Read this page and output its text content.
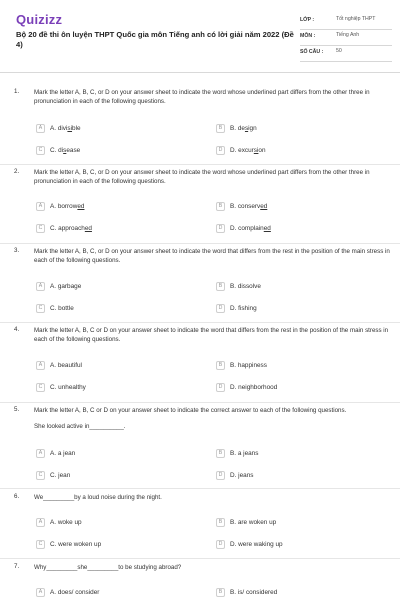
Quizizz
Bộ 20 đề thi ôn luyện THPT Quốc gia môn Tiếng anh có lời giải năm 2022 (Đề 4)
LỚP :	Tốt nghiệp THPT
MÔN :	Tiếng Anh
SỐ CÂU :	50
1. Mark the letter A, B, C, or D on your answer sheet to indicate the word whose underlined part differs from the other three in pronunciation in each of the following questions.
A	A. divisible	B	B. design
C	C. disease	D	D. excursion
2. Mark the letter A, B, C, or D on your answer sheet to indicate the word whose underlined part differs from the other three in pronunciation in each of the following questions.
A	A. borrowed	B	B. conserved
C	C. approached	D	D. complained
3. Mark the letter A, B, C, or D on your answer sheet to indicate the word that differs from the rest in the position of the main stress in each of the following questions.
A	A. garbage	B	B. dissolve
C	C. bottle	D	D. fishing
4. Mark the letter A, B, C or D on your answer sheet to indicate the word that differs from the rest in the position of the main stress in each of the following questions.
A	A. beautiful	B	B. happiness
C	C. unhealthy	D	D. neighborhood
5. Mark the letter A, B, C or D on your answer sheet to indicate the correct answer to each of the following questions.
She looked active in__________.
A	A. a jean	B	B. a jeans
C	C. jean	D	D. jeans
6. We_________by a loud noise during the night.
A	A. woke up	B	B. are woken up
C	C. were woken up	D	D. were waking up
7. Why_________she_________to be studying abroad?
A	A. does/ consider	B	B. is/ considered
